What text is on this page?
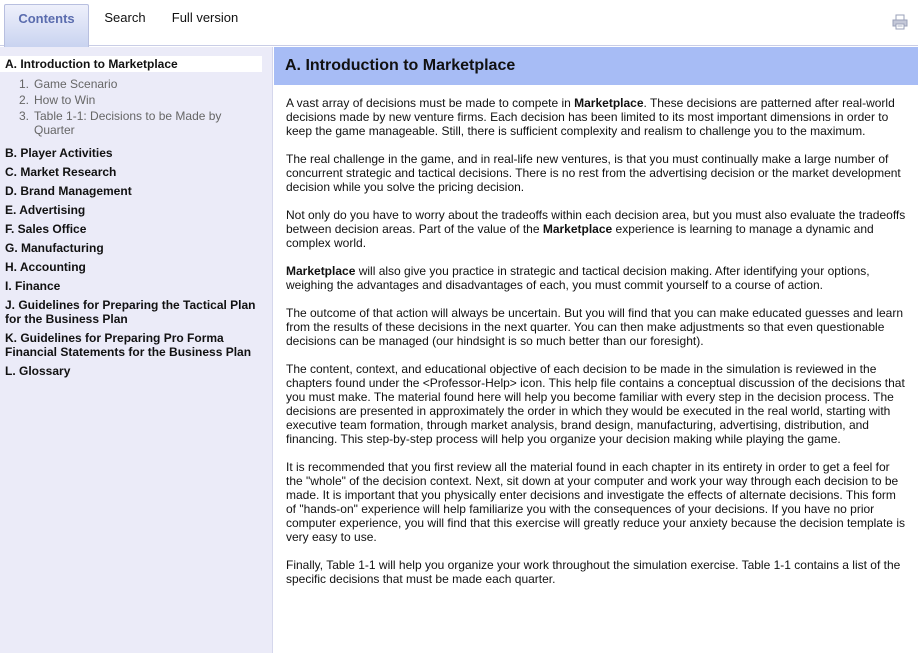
Contents	Search	Full version
A. Introduction to Marketplace
1. Game Scenario
2. How to Win
3. Table 1-1: Decisions to be Made by Quarter
B. Player Activities
C. Market Research
D. Brand Management
E. Advertising
F. Sales Office
G. Manufacturing
H. Accounting
I. Finance
J. Guidelines for Preparing the Tactical Plan for the Business Plan
K. Guidelines for Preparing Pro Forma Financial Statements for the Business Plan
L. Glossary
A. Introduction to Marketplace

A vast array of decisions must be made to compete in Marketplace. These decisions are patterned after real-world decisions made by new venture firms. Each decision has been limited to its most important dimensions in order to keep the game manageable. Still, there is sufficient complexity and realism to challenge you to the maximum.

The real challenge in the game, and in real-life new ventures, is that you must continually make a large number of concurrent strategic and tactical decisions. There is no rest from the advertising decision or the market development decision while you solve the pricing decision.

Not only do you have to worry about the tradeoffs within each decision area, but you must also evaluate the tradeoffs between decision areas. Part of the value of the Marketplace experience is learning to manage a dynamic and complex world.

Marketplace will also give you practice in strategic and tactical decision making. After identifying your options, weighing the advantages and disadvantages of each, you must commit yourself to a course of action.

The outcome of that action will always be uncertain. But you will find that you can make educated guesses and learn from the results of these decisions in the next quarter. You can then make adjustments so that even questionable decisions can be managed (our hindsight is so much better than our foresight).

The content, context, and educational objective of each decision to be made in the simulation is reviewed in the chapters found under the <Professor-Help> icon. This help file contains a conceptual discussion of the decisions that you must make. The material found here will help you become familiar with every step in the decision process. The decisions are presented in approximately the order in which they would be executed in the real world, starting with executive team formation, through market analysis, brand design, manufacturing, advertising, distribution, and financing. This step-by-step process will help you organize your decision making while playing the game.

It is recommended that you first review all the material found in each chapter in its entirety in order to get a feel for the "whole" of the decision context. Next, sit down at your computer and work your way through each decision to be made. It is important that you physically enter decisions and investigate the effects of alternate decisions. This form of "hands-on" experience will help familiarize you with the consequences of your decisions. If you have no prior computer experience, you will find that this exercise will greatly reduce your anxiety because the decision template is very easy to use.

Finally, Table 1-1 will help you organize your work throughout the simulation exercise. Table 1-1 contains a list of the specific decisions that must be made each quarter.
